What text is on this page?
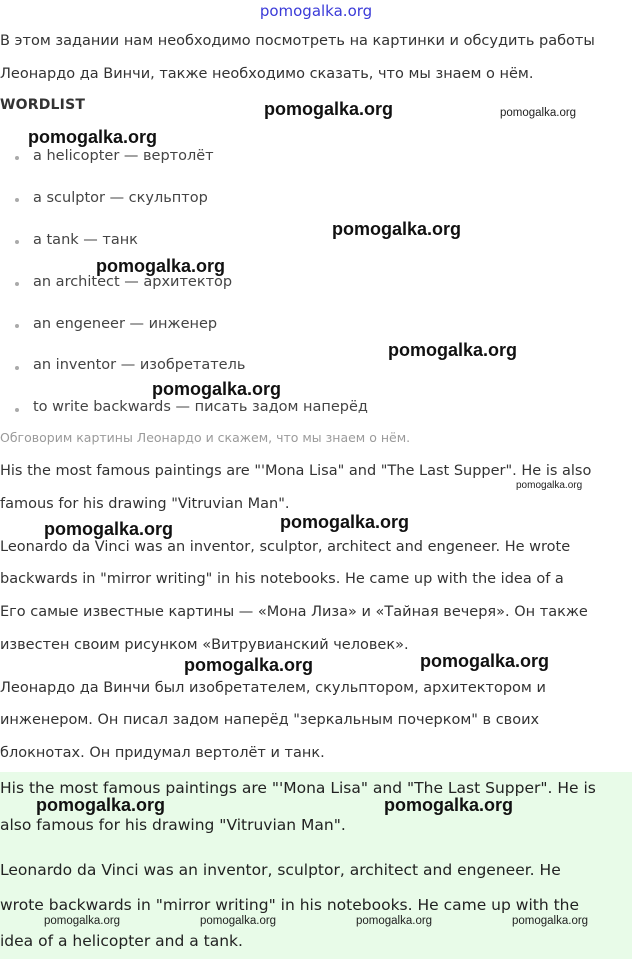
pomogalka.org
В этом задании нам необходимо посмотреть на картинки и обсудить работы
Леонардо да Винчи, также необходимо сказать, что мы знаем о нём.
WORDLIST
a helicopter — вертолёт
a sculptor — скульптор
a tank — танк
an architect — архитектор
an engeneer — инженер
an inventor — изобретатель
to write backwards — писать задом наперёд
Обговорим картины Леонардо и скажем, что мы знаем о нём.
His the most famous paintings are "'Mona Lisa" and "The Last Supper". He is also
famous for his drawing "Vitruvian Man".
Leonardo da Vinci was an inventor, sculptor, architect and engeneer. He wrote
backwards in "mirror writing" in his notebooks. He came up with the idea of a
Его самые известные картины — «Мона Лиза» и «Тайная вечеря». Он также
известен своим рисунком «Витрувианский человек».
Леонардо да Винчи был изобретателем, скульптором, архитектором и
инженером. Он писал задом наперёд "зеркальным почерком" в своих
блокнотах. Он придумал вертолёт и танк.
His the most famous paintings are "'Mona Lisa" and "The Last Supper". He is
also famous for his drawing "Vitruvian Man".
Leonardo da Vinci was an inventor, sculptor, architect and engeneer. He
wrote backwards in "mirror writing" in his notebooks. He came up with the
idea of a helicopter and a tank.
pomogalka.org	pomogalka.org
pomogalka.org
pomogalka.org
pomogalka.org
pomogalka.org
pomogalka.org
pomogalka.org
pomogalka.org	pomogalka.org
pomogalka.org	pomogalka.org
pomogalka.org	pomogalka.org
pomogalka.org	pomogalka.org	pomogalka.org	pomogalka.org
